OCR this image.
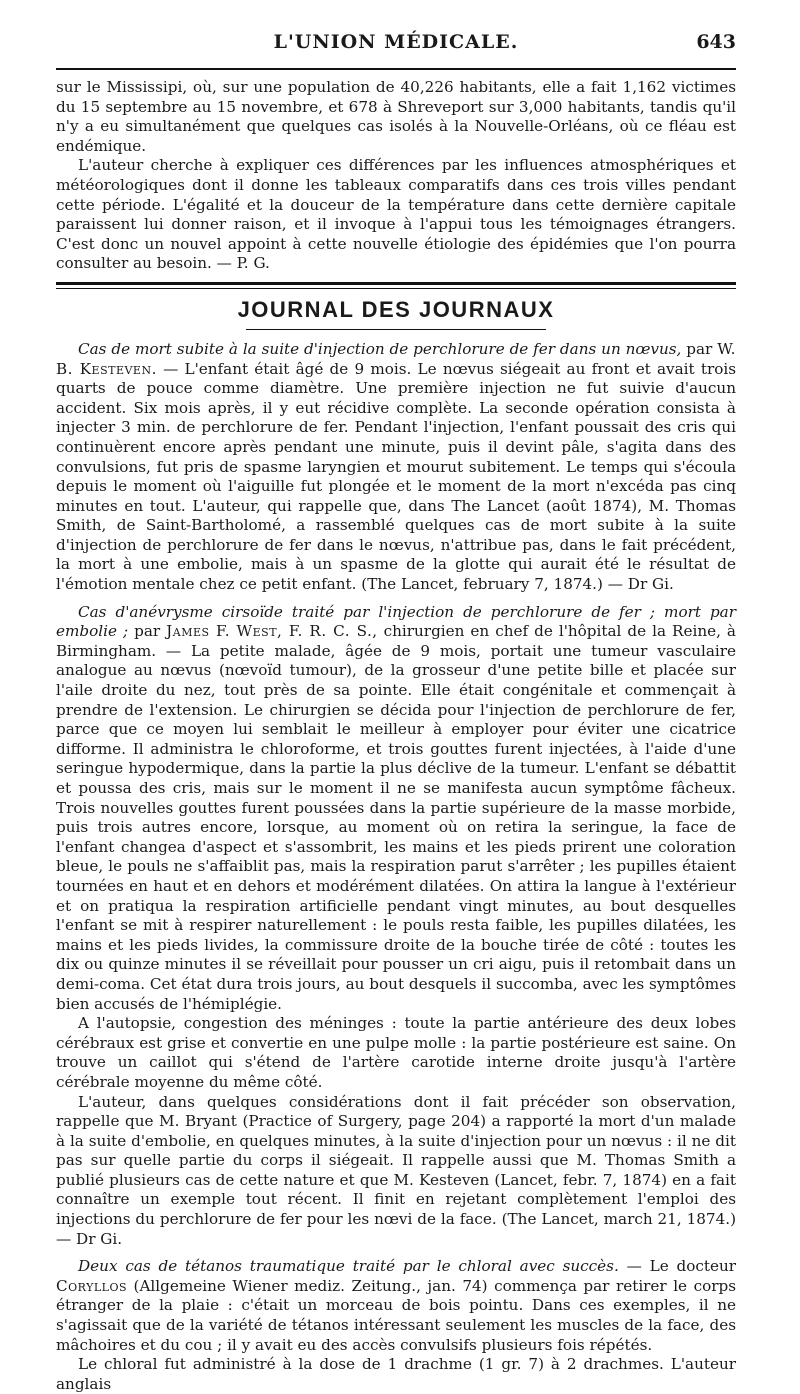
L'UNION MÉDICALE.	643

sur le Mississipi, où, sur une population de 40,226 habitants, elle a fait 1,162 victimes du 15 septembre au 15 novembre, et 678 à Shreveport sur 3,000 habitants, tandis qu'il n'y a eu simultanément que quelques cas isolés à la Nouvelle-Orléans, où ce fléau est endémique.

L'auteur cherche à expliquer ces différences par les influences atmosphériques et météorologiques dont il donne les tableaux comparatifs dans ces trois villes pendant cette période. L'égalité et la douceur de la température dans cette dernière capitale paraissent lui donner raison, et il invoque à l'appui tous les témoignages étrangers. C'est donc un nouvel appoint à cette nouvelle étiologie des épidémies que l'on pourra consulter au besoin. — P. G.

JOURNAL DES JOURNAUX

Cas de mort subite à la suite d'injection de perchlorure de fer dans un nœvus, par W. B. Kesteven. — L'enfant était âgé de 9 mois. Le nœvus siégeait au front et avait trois quarts de pouce comme diamètre. Une première injection ne fut suivie d'aucun accident. Six mois après, il y eut récidive complète. La seconde opération consista à injecter 3 min. de perchlorure de fer. Pendant l'injection, l'enfant poussait des cris qui continuèrent encore après pendant une minute, puis il devint pâle, s'agita dans des convulsions, fut pris de spasme laryngien et mourut subitement. Le temps qui s'écoula depuis le moment où l'aiguille fut plongée et le moment de la mort n'excéda pas cinq minutes en tout. L'auteur, qui rappelle que, dans The Lancet (août 1874), M. Thomas Smith, de Saint-Bartholomé, a rassemblé quelques cas de mort subite à la suite d'injection de perchlorure de fer dans le nœvus, n'attribue pas, dans le fait précédent, la mort à une embolie, mais à un spasme de la glotte qui aurait été le résultat de l'émotion mentale chez ce petit enfant. (The Lancet, february 7, 1874.) — Dr Gi.

Cas d'anévrysme cirsoïde traité par l'injection de perchlorure de fer ; mort par embolie ; par James F. West, F. R. C. S., chirurgien en chef de l'hôpital de la Reine, à Birmingham. — La petite malade, âgée de 9 mois, portait une tumeur vasculaire analogue au nœvus (nœvoïd tumour), de la grosseur d'une petite bille et placée sur l'aile droite du nez, tout près de sa pointe. Elle était congénitale et commençait à prendre de l'extension. Le chirurgien se décida pour l'injection de perchlorure de fer, parce que ce moyen lui semblait le meilleur à employer pour éviter une cicatrice difforme. Il administra le chloroforme, et trois gouttes furent injectées, à l'aide d'une seringue hypodermique, dans la partie la plus déclive de la tumeur. L'enfant se débattit et poussa des cris, mais sur le moment il ne se manifesta aucun symptôme fâcheux. Trois nouvelles gouttes furent poussées dans la partie supérieure de la masse morbide, puis trois autres encore, lorsque, au moment où on retira la seringue, la face de l'enfant changea d'aspect et s'assombrit, les mains et les pieds prirent une coloration bleue, le pouls ne s'affaiblit pas, mais la respiration parut s'arrêter ; les pupilles étaient tournées en haut et en dehors et modérément dilatées. On attira la langue à l'extérieur et on pratiqua la respiration artificielle pendant vingt minutes, au bout desquelles l'enfant se mit à respirer naturellement : le pouls resta faible, les pupilles dilatées, les mains et les pieds livides, la commissure droite de la bouche tirée de côté : toutes les dix ou quinze minutes il se réveillait pour pousser un cri aigu, puis il retombait dans un demi-coma. Cet état dura trois jours, au bout desquels il succomba, avec les symptômes bien accusés de l'hémiplégie.

A l'autopsie, congestion des méninges : toute la partie antérieure des deux lobes cérébraux est grise et convertie en une pulpe molle : la partie postérieure est saine. On trouve un caillot qui s'étend de l'artère carotide interne droite jusqu'à l'artère cérébrale moyenne du même côté.

L'auteur, dans quelques considérations dont il fait précéder son observation, rappelle que M. Bryant (Practice of Surgery, page 204) a rapporté la mort d'un malade à la suite d'embolie, en quelques minutes, à la suite d'injection pour un nœvus : il ne dit pas sur quelle partie du corps il siégeait. Il rappelle aussi que M. Thomas Smith a publié plusieurs cas de cette nature et que M. Kesteven (Lancet, febr. 7, 1874) en a fait connaître un exemple tout récent. Il finit en rejetant complètement l'emploi des injections du perchlorure de fer pour les nœvi de la face. (The Lancet, march 21, 1874.) — Dr Gi.

Deux cas de tétanos traumatique traité par le chloral avec succès. — Le docteur Coryllos (Allgemeine Wiener mediz. Zeitung., jan. 74) commença par retirer le corps étranger de la plaie : c'était un morceau de bois pointu. Dans ces exemples, il ne s'agissait que de la variété de tétanos intéressant seulement les muscles de la face, des mâchoires et du cou ; il y avait eu des accès convulsifs plusieurs fois répétés.

Le chloral fut administré à la dose de 1 drachme (1 gr. 7) à 2 drachmes. L'auteur anglais
